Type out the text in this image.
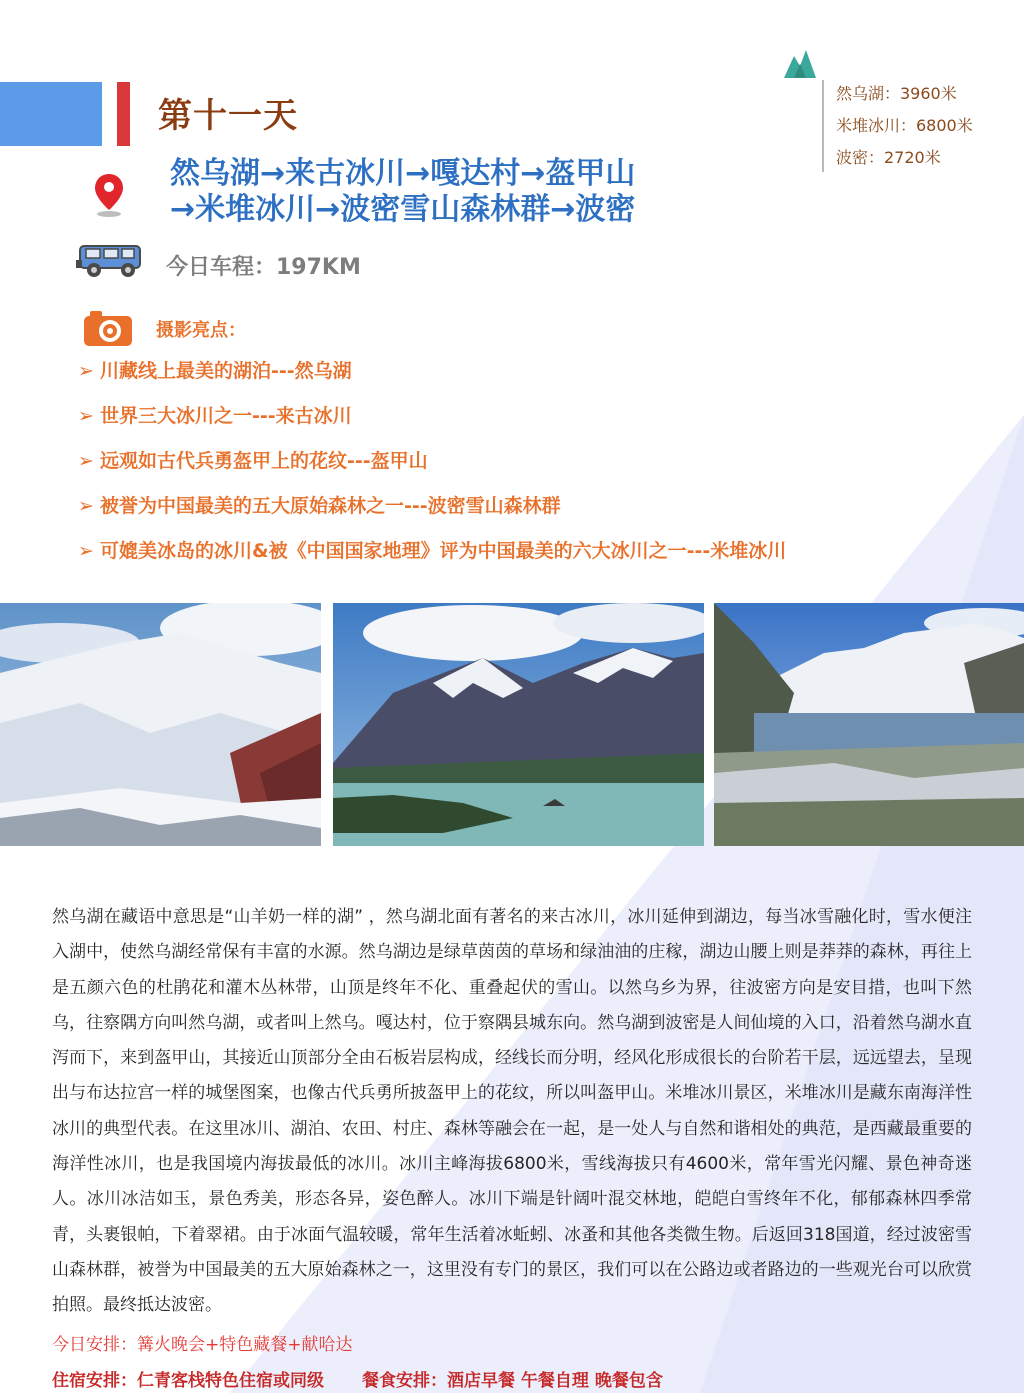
第十一天
然乌湖：3960米
米堆冰川：6800米
波密：2720米
然乌湖→来古冰川→嘎达村→盔甲山
→米堆冰川→波密雪山森林群→波密
今日车程：197KM
摄影亮点：
➢ 川藏线上最美的湖泊---然乌湖
➢ 世界三大冰川之一---来古冰川
➢ 远观如古代兵勇盔甲上的花纹---盔甲山
➢ 被誉为中国最美的五大原始森林之一---波密雪山森林群
➢ 可媲美冰岛的冰川&被《中国国家地理》评为中国最美的六大冰川之一---米堆冰川
然乌湖在藏语中意思是“山羊奶一样的湖” ，然乌湖北面有著名的来古冰川，冰川延伸到湖边，每当冰雪融化时，雪水便注入湖中，使然乌湖经常保有丰富的水源。然乌湖边是绿草茵茵的草场和绿油油的庄稼，湖边山腰上则是莽莽的森林，再往上是五颜六色的杜鹃花和灌木丛林带，山顶是终年不化、重叠起伏的雪山。以然乌乡为界，往波密方向是安目措，也叫下然乌，往察隅方向叫然乌湖，或者叫上然乌。嘎达村，位于察隅县城东向。然乌湖到波密是人间仙境的入口，沿着然乌湖水直泻而下，来到盔甲山，其接近山顶部分全由石板岩层构成，经线长而分明，经风化形成很长的台阶若干层，远远望去，呈现出与布达拉宫一样的城堡图案，也像古代兵勇所披盔甲上的花纹，所以叫盔甲山。米堆冰川景区，米堆冰川是藏东南海洋性冰川的典型代表。在这里冰川、湖泊、农田、村庄、森林等融会在一起，是一处人与自然和谐相处的典范，是西藏最重要的海洋性冰川，也是我国境内海拔最低的冰川。冰川主峰海拔6800米，雪线海拔只有4600米，常年雪光闪耀、景色神奇迷人。冰川冰洁如玉，景色秀美，形态各异，姿色醉人。冰川下端是针阔叶混交林地，皑皑白雪终年不化，郁郁森林四季常青，头裹银帕，下着翠裙。由于冰面气温较暖，常年生活着冰蚯蚓、冰蚤和其他各类微生物。后返回318国道，经过波密雪山森林群，被誉为中国最美的五大原始森林之一，这里没有专门的景区，我们可以在公路边或者路边的一些观光台可以欣赏拍照。最终抵达波密。
今日安排：篝火晚会+特色藏餐+献哈达
住宿安排：仁青客栈特色住宿或同级 餐食安排：酒店早餐 午餐自理 晚餐包含
